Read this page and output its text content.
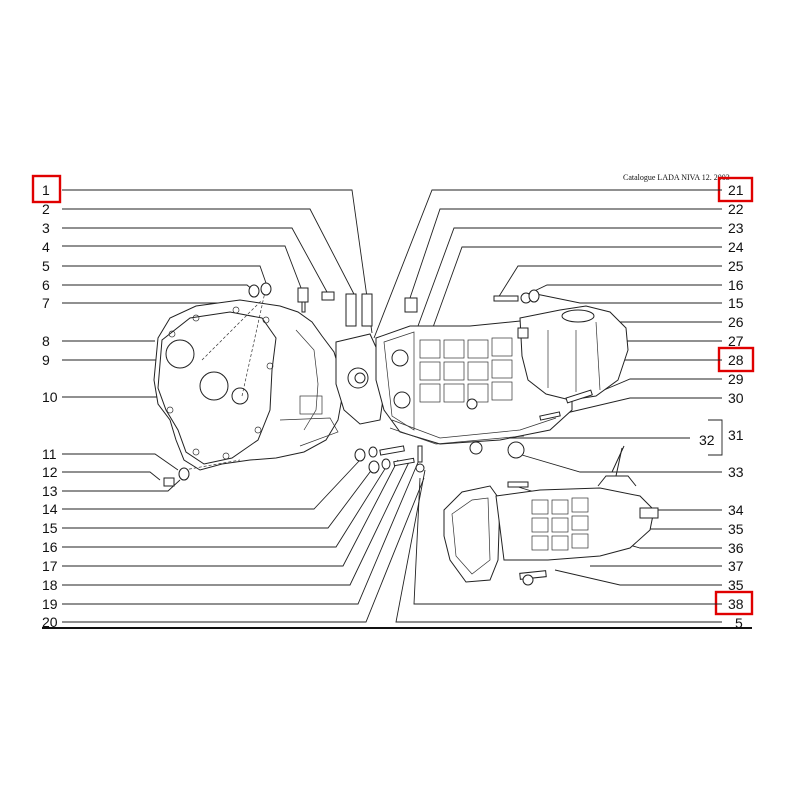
Catalogue LADA NIVA 12. 2003
1
2
3
4
5
6
7
8
9
10
11
12
13
14
15
16
17
18
19
20
21
22
23
24
25
16
15
26
27
28
29
30
31
32
33
34
35
36
37
35
38
5
